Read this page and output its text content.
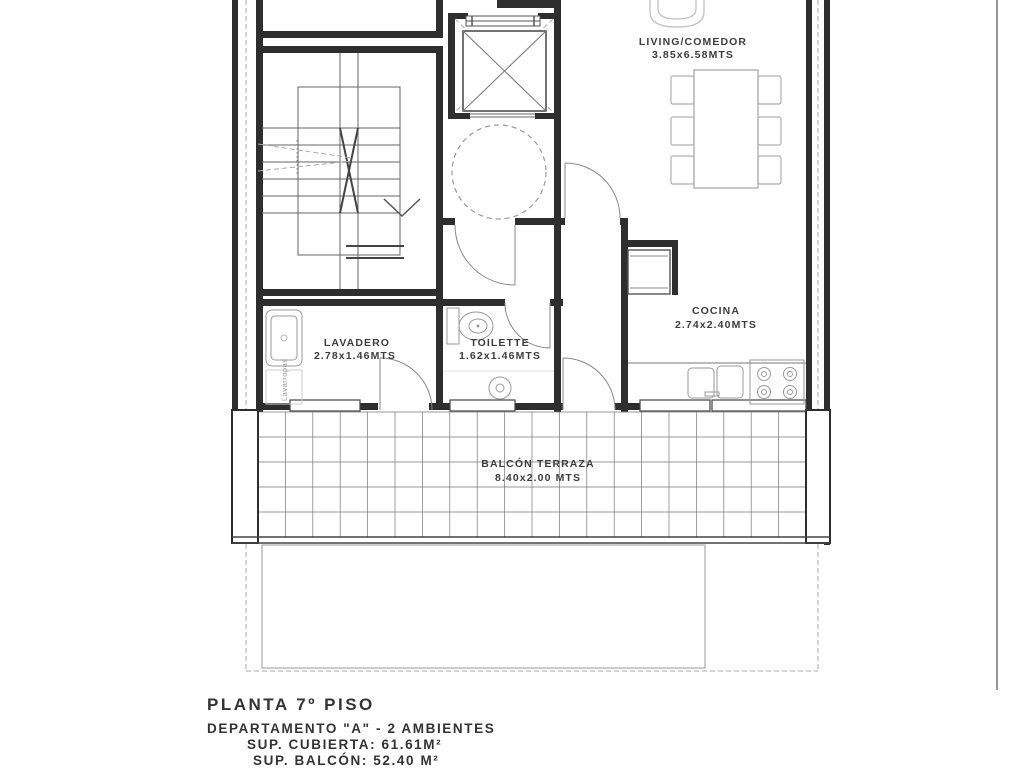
Lavarropas
LIVING/COMEDOR
3.85x6.58MTS
LAVADERO
2.78x1.46MTS
TOILETTE
1.62x1.46MTS
COCINA
2.74x2.40MTS
BALCÓN TERRAZA
8.40x2.00 MTS
PLANTA 7º PISO
DEPARTAMENTO "A" - 2 AMBIENTES
SUP. CUBIERTA: 61.61M²
SUP. BALCÓN: 52.40 M²
